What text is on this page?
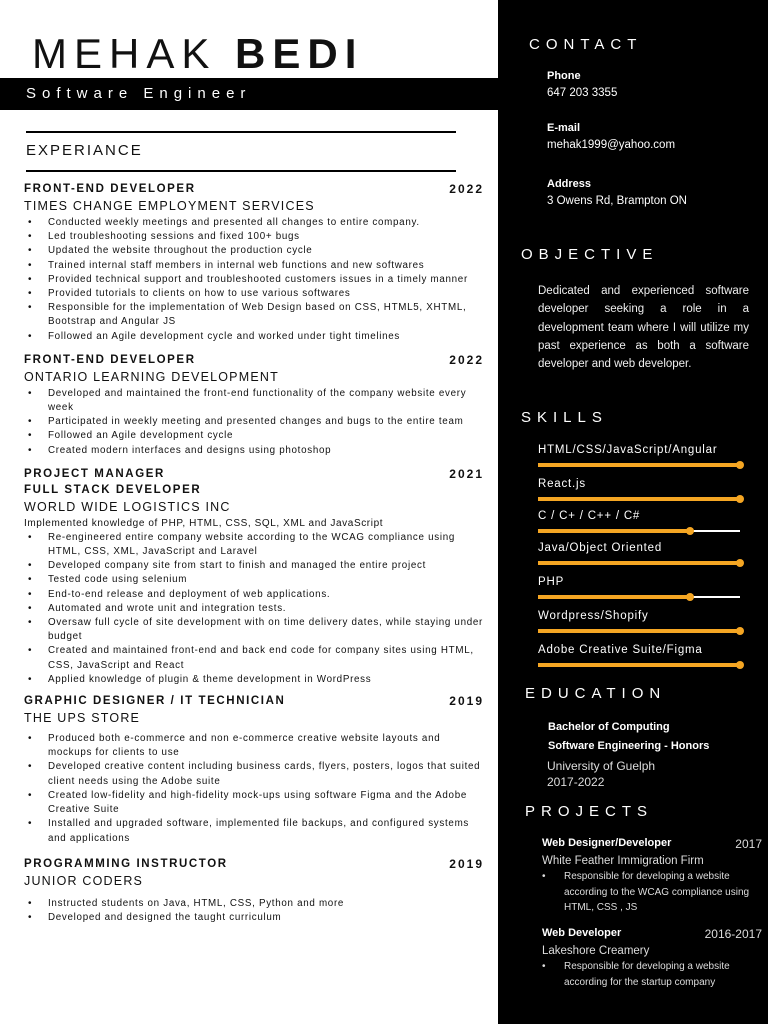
MEHAK BEDI
Software Engineer
EXPERIANCE
FRONT-END DEVELOPER	2022
TIMES CHANGE EMPLOYMENT SERVICES
• Conducted weekly meetings and presented all changes to entire company.
• Led troubleshooting sessions and fixed 100+ bugs
• Updated the website throughout the production cycle
• Trained internal staff members in internal web functions and new softwares
• Provided technical support and troubleshooted customers issues in a timely manner
• Provided tutorials to clients on how to use various softwares
• Responsible for the implementation of Web Design based on CSS, HTML5, XHTML, Bootstrap and Angular JS
• Followed an Agile development cycle and worked under tight timelines
FRONT-END DEVELOPER	2022
ONTARIO LEARNING DEVELOPMENT
• Developed and maintained the front-end functionality of the company website every week
• Participated in weekly meeting and presented changes and bugs to the entire team
• Followed an Agile development cycle
• Created modern interfaces and designs using photoshop
PROJECT MANAGER	2021
FULL STACK DEVELOPER
WORLD WIDE LOGISTICS INC
Implemented knowledge of PHP, HTML, CSS, SQL, XML and JavaScript
• Re-engineered entire company website according to the WCAG compliance using HTML, CSS, XML, JavaScript and Laravel
• Developed company site from start to finish and managed the entire project
• Tested code using selenium
• End-to-end release and deployment of web applications.
• Automated and wrote unit and integration tests.
• Oversaw full cycle of site development with on time delivery dates, while staying under budget
• Created and maintained front-end and back end code for company sites using HTML, CSS, JavaScript and React
• Applied knowledge of plugin & theme development in WordPress
GRAPHIC DESIGNER / IT TECHNICIAN	2019
THE UPS STORE
• Produced both e-commerce and non e-commerce creative website layouts and mockups for clients to use
• Developed creative content including business cards, flyers, posters, logos that suited client needs using the Adobe suite
• Created low-fidelity and high-fidelity mock-ups using software Figma and the Adobe Creative Suite
• Installed and upgraded software, implemented file backups, and configured systems and applications
PROGRAMMING INSTRUCTOR	2019
JUNIOR CODERS
• Instructed students on Java, HTML, CSS, Python and more
• Developed and designed the taught curriculum
CONTACT
Phone
647 203 3355
E-mail
mehak1999@yahoo.com
Address
3 Owens Rd, Brampton ON
OBJECTIVE
Dedicated and experienced software developer seeking a role in a development team where I will utilize my past experience as both a software developer and web developer.
SKILLS
HTML/CSS/JavaScript/Angular
React.js
C / C+ / C++ / C#
Java/Object Oriented
PHP
Wordpress/Shopify
Adobe Creative Suite/Figma
EDUCATION
Bachelor of Computing
Software Engineering - Honors
University of Guelph
2017-2022
PROJECTS
Web Designer/Developer	2017
White Feather Immigration Firm
• Responsible for developing a website according to the WCAG compliance using HTML, CSS , JS
Web Developer	2016-2017
Lakeshore Creamery
• Responsible for developing a website according for the startup company
